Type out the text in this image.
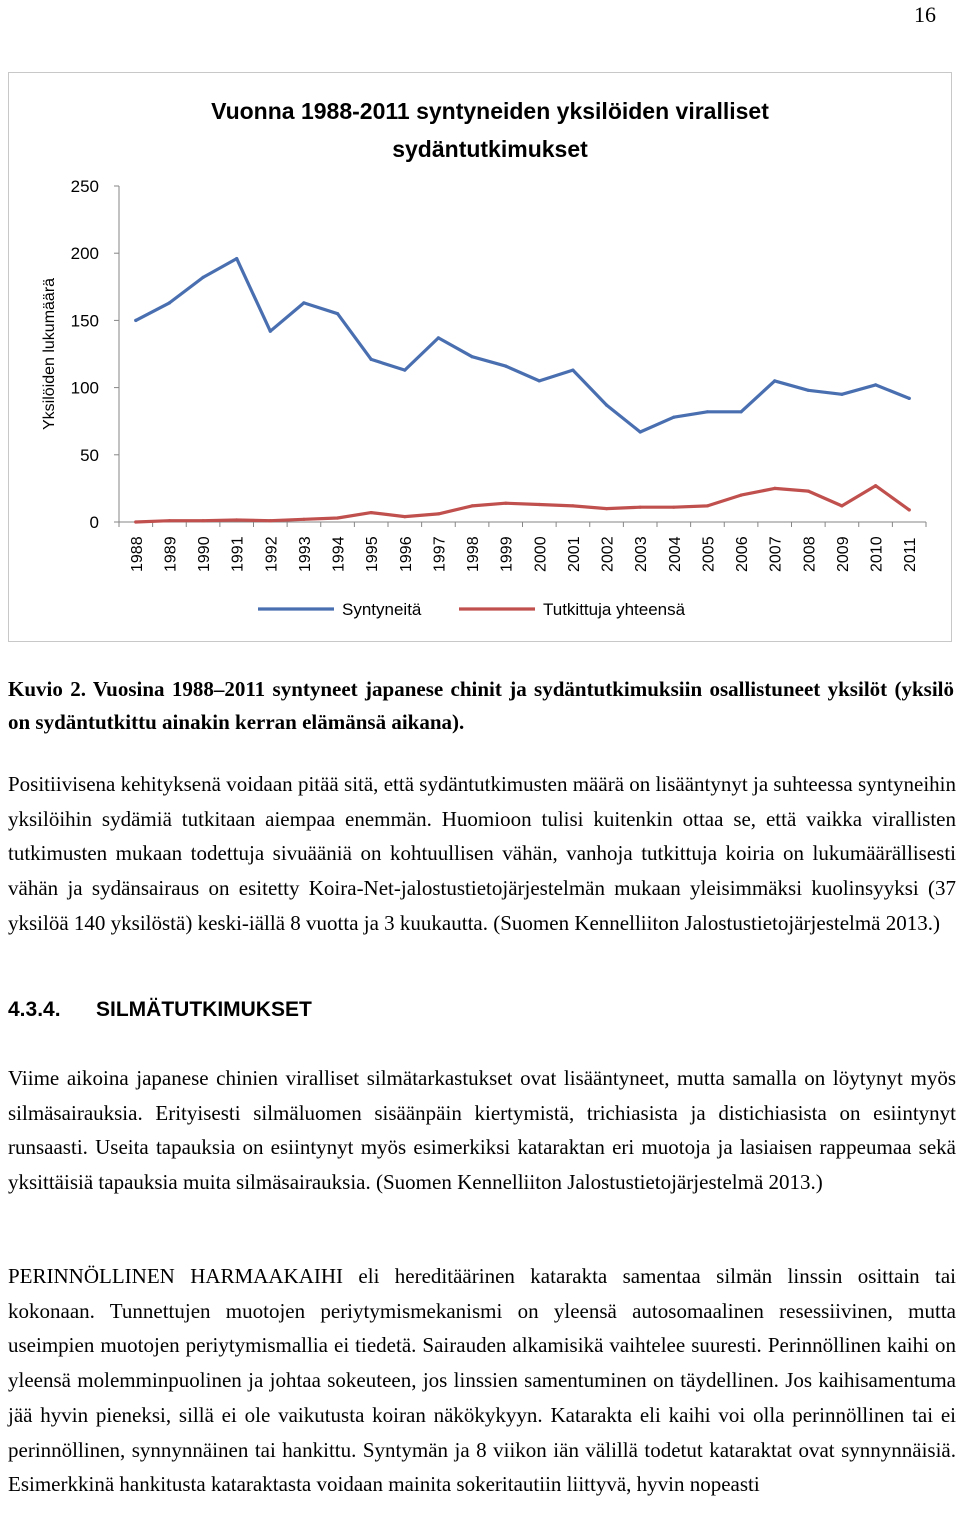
16
Vuonna 1988-2011 syntyneiden yksilöiden viralliset sydäntutkimukset
0
50
100
150
200
250
1988 1989 1990 1991 1992 1993 1994 1995 1996 1997 1998 1999 2000 2001 2002 2003 2004 2005 2006 2007 2008 2009 2010 2011
Yksilöiden lukumäärä
Syntyneitä	Tutkittuja yhteensä
Kuvio 2. Vuosina 1988–2011 syntyneet japanese chinit ja sydäntutkimuksiin osallistuneet yksilöt (yksilö on sydäntutkittu ainakin kerran elämänsä aikana).
Positiivisena kehityksenä voidaan pitää sitä, että sydäntutkimusten määrä on lisääntynyt ja suhteessa syntyneihin yksilöihin sydämiä tutkitaan aiempaa enemmän. Huomioon tulisi kuitenkin ottaa se, että vaikka virallisten tutkimusten mukaan todettuja sivuääniä on kohtuullisen vähän, vanhoja tutkittuja koiria on lukumäärällisesti vähän ja sydänsairaus on esitetty Koira-Net-jalostustietojärjestelmän mukaan yleisimmäksi kuolinsyyksi (37 yksilöä 140 yksilöstä) keski-iällä 8 vuotta ja 3 kuukautta. (Suomen Kennelliiton Jalostustietojärjestelmä 2013.)
4.3.4. SILMÄTUTKIMUKSET
Viime aikoina japanese chinien viralliset silmätarkastukset ovat lisääntyneet, mutta samalla on löytynyt myös silmäsairauksia. Erityisesti silmäluomen sisäänpäin kiertymistä, trichiasista ja distichiasista on esiintynyt runsaasti. Useita tapauksia on esiintynyt myös esimerkiksi kataraktan eri muotoja ja lasiaisen rappeumaa sekä yksittäisiä tapauksia muita silmäsairauksia. (Suomen Kennelliiton Jalostustietojärjestelmä 2013.)
PERINNÖLLINEN HARMAAKAIHI eli hereditäärinen katarakta samentaa silmän linssin osittain tai kokonaan. Tunnettujen muotojen periytymismekanismi on yleensä autosomaalinen resessiivinen, mutta useimpien muotojen periytymismallia ei tiedetä. Sairauden alkamisikä vaihtelee suuresti. Perinnöllinen kaihi on yleensä molemminpuolinen ja johtaa sokeuteen, jos linssien samentuminen on täydellinen. Jos kaihisamentuma jää hyvin pieneksi, sillä ei ole vaikutusta koiran näkökykyyn. Katarakta eli kaihi voi olla perinnöllinen tai ei perinnöllinen, synnynnäinen tai hankittu. Syntymän ja 8 viikon iän välillä todetut kataraktat ovat synnynnäisiä. Esimerkkinä hankitusta kataraktasta voidaan mainita sokeritautiin liittyvä, hyvin nopeasti
